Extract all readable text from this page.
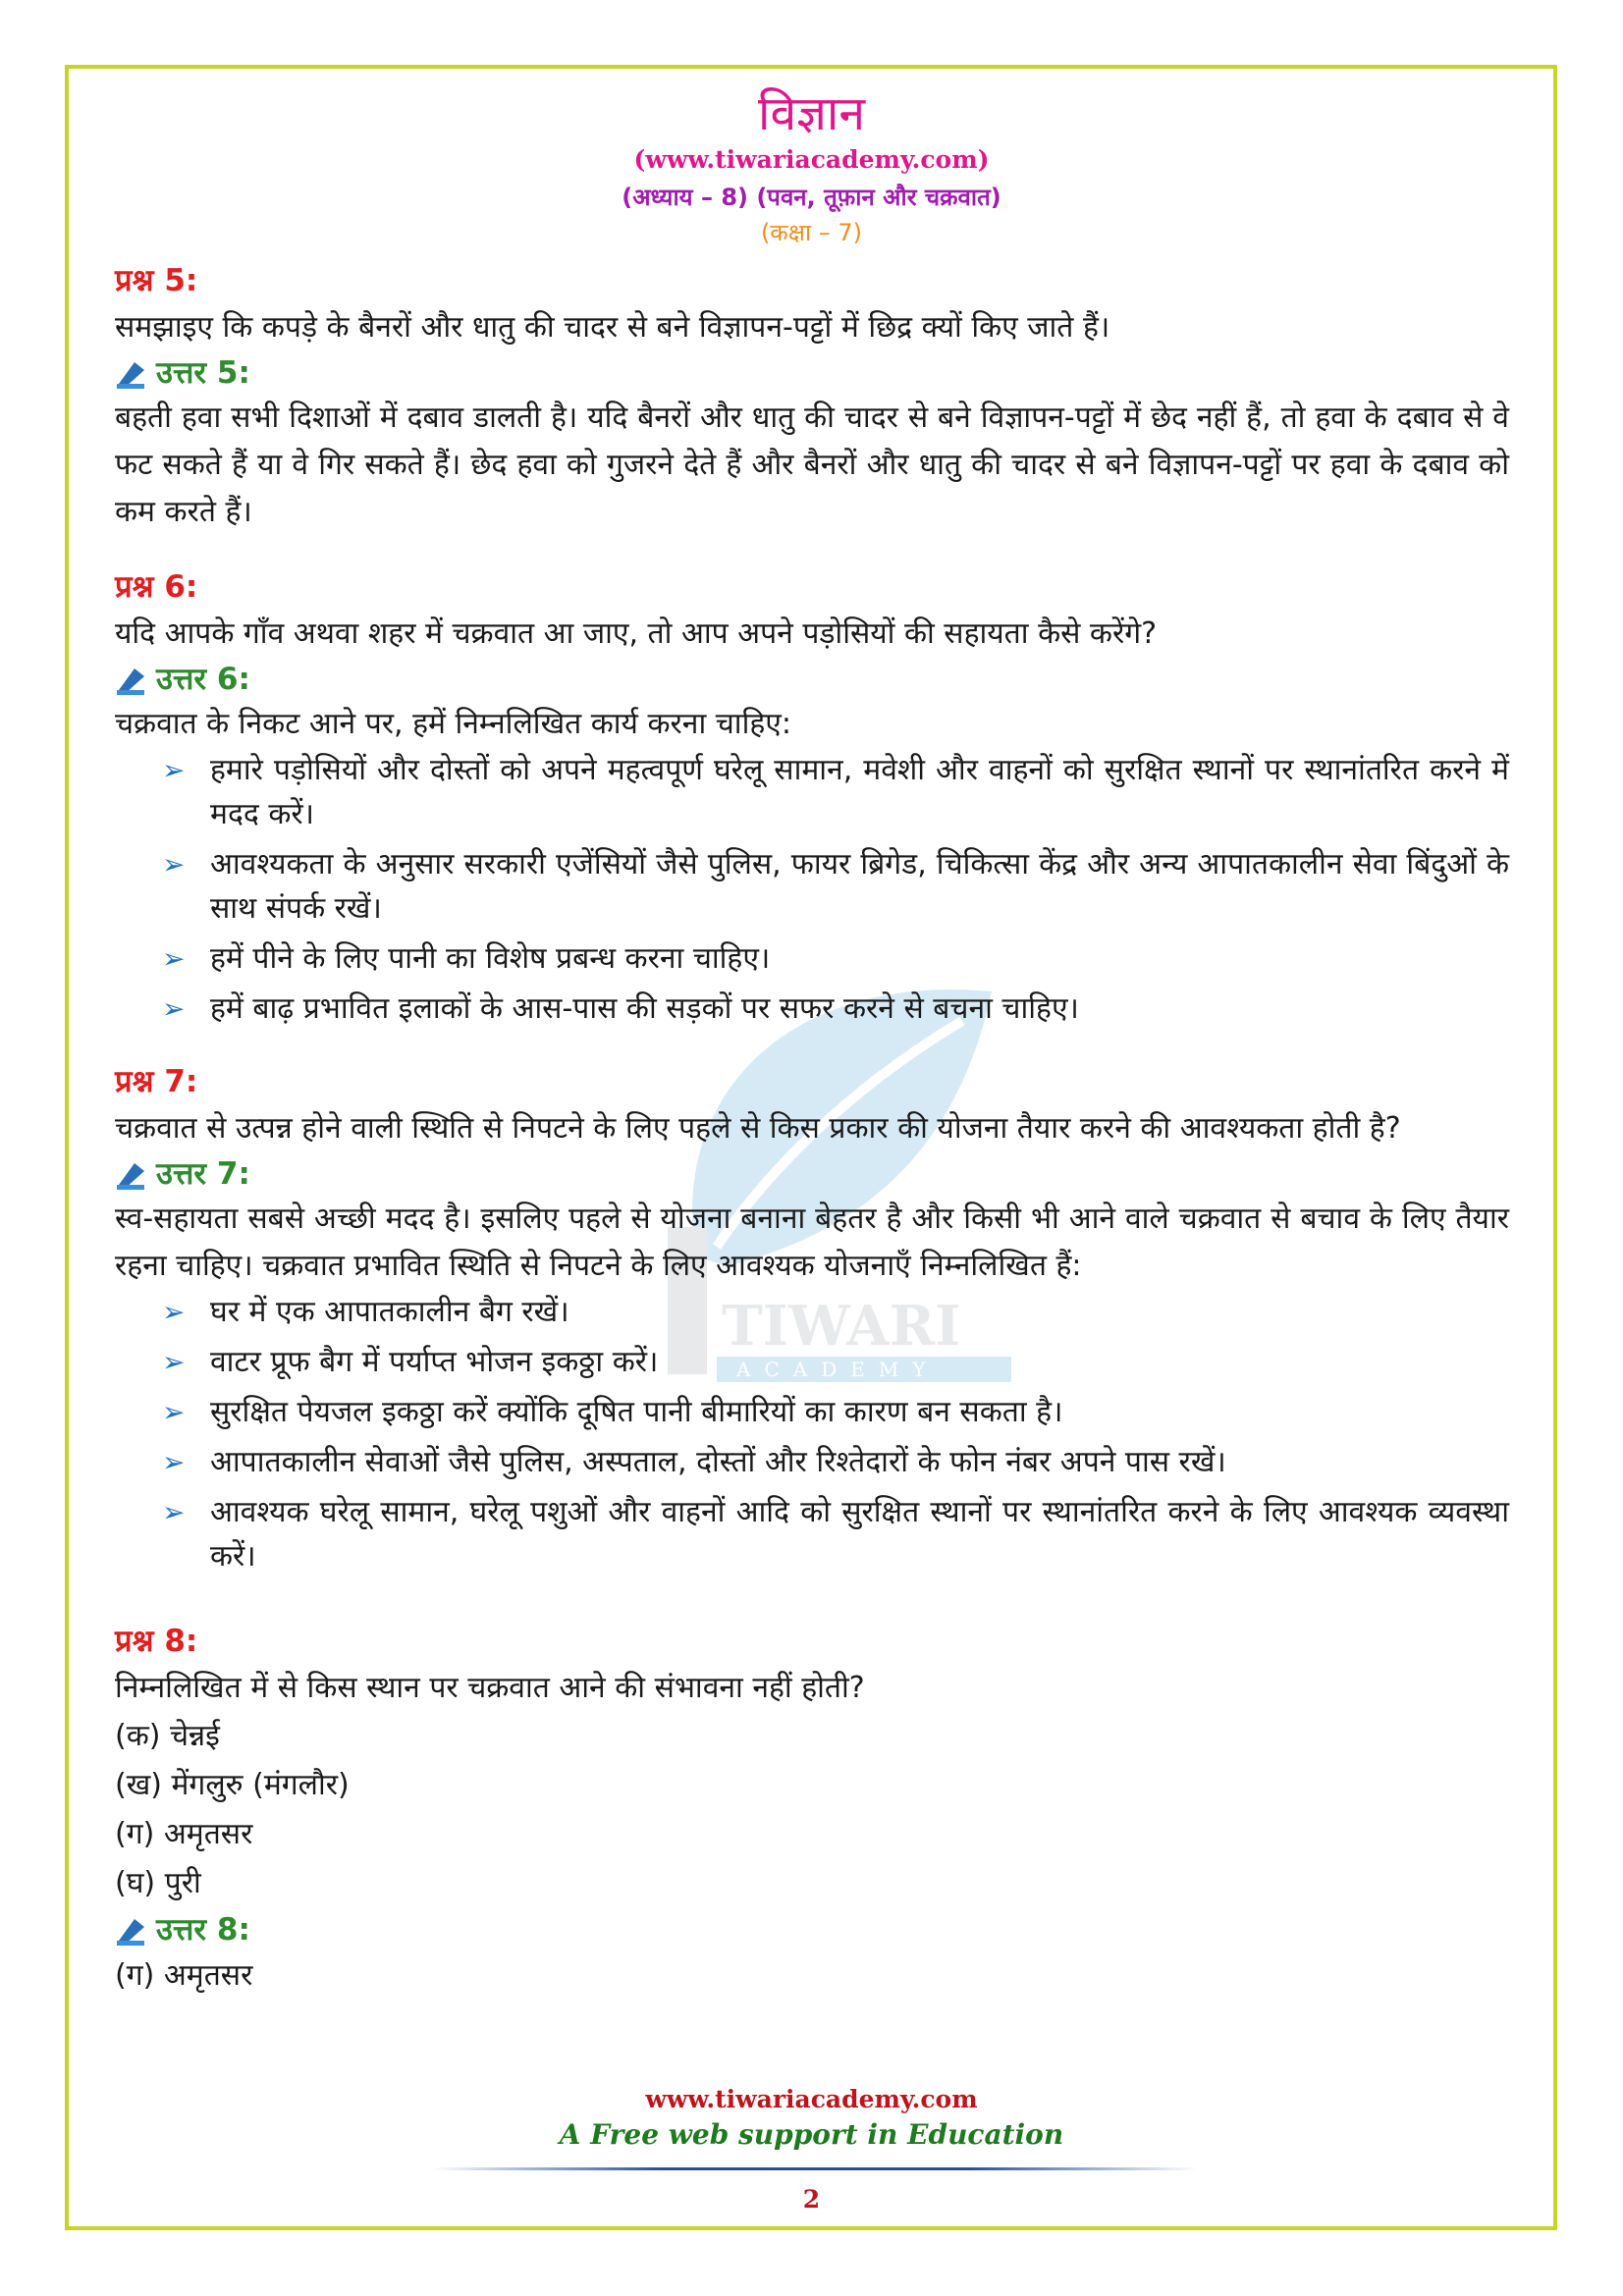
TIWARI
ACADEMY
विज्ञान
(www.tiwariacademy.com)
(अध्याय – 8) (पवन, तूफ़ान और चक्रवात)
(कक्षा – 7)
प्रश्न 5:
समझाइए कि कपड़े के बैनरों और धातु की चादर से बने विज्ञापन-पट्टों में छिद्र क्यों किए जाते हैं।
उत्तर 5:
बहती हवा सभी दिशाओं में दबाव डालती है। यदि बैनरों और धातु की चादर से बने विज्ञापन-पट्टों में छेद नहीं हैं, तो हवा के दबाव से वे फट सकते हैं या वे गिर सकते हैं। छेद हवा को गुजरने देते हैं और बैनरों और धातु की चादर से बने विज्ञापन-पट्टों पर हवा के दबाव को कम करते हैं।
प्रश्न 6:
यदि आपके गाँव अथवा शहर में चक्रवात आ जाए, तो आप अपने पड़ोसियों की सहायता कैसे करेंगे?
उत्तर 6:
चक्रवात के निकट आने पर, हमें निम्नलिखित कार्य करना चाहिए:
➢ हमारे पड़ोसियों और दोस्तों को अपने महत्वपूर्ण घरेलू सामान, मवेशी और वाहनों को सुरक्षित स्थानों पर स्थानांतरित करने में मदद करें।
➢ आवश्यकता के अनुसार सरकारी एजेंसियों जैसे पुलिस, फायर ब्रिगेड, चिकित्सा केंद्र और अन्य आपातकालीन सेवा बिंदुओं के साथ संपर्क रखें।
➢ हमें पीने के लिए पानी का विशेष प्रबन्ध करना चाहिए।
➢ हमें बाढ़ प्रभावित इलाकों के आस-पास की सड़कों पर सफर करने से बचना चाहिए।
प्रश्न 7:
चक्रवात से उत्पन्न होने वाली स्थिति से निपटने के लिए पहले से किस प्रकार की योजना तैयार करने की आवश्यकता होती है?
उत्तर 7:
स्व-सहायता सबसे अच्छी मदद है। इसलिए पहले से योजना बनाना बेहतर है और किसी भी आने वाले चक्रवात से बचाव के लिए तैयार रहना चाहिए। चक्रवात प्रभावित स्थिति से निपटने के लिए आवश्यक योजनाएँ निम्नलिखित हैं:
➢ घर में एक आपातकालीन बैग रखें।
➢ वाटर प्रूफ बैग में पर्याप्त भोजन इकठ्ठा करें।
➢ सुरक्षित पेयजल इकठ्ठा करें क्योंकि दूषित पानी बीमारियों का कारण बन सकता है।
➢ आपातकालीन सेवाओं जैसे पुलिस, अस्पताल, दोस्तों और रिश्तेदारों के फोन नंबर अपने पास रखें।
➢ आवश्यक घरेलू सामान, घरेलू पशुओं और वाहनों आदि को सुरक्षित स्थानों पर स्थानांतरित करने के लिए आवश्यक व्यवस्था करें।
प्रश्न 8:
निम्नलिखित में से किस स्थान पर चक्रवात आने की संभावना नहीं होती?
(क) चेन्नई
(ख) मेंगलुरु (मंगलौर)
(ग) अमृतसर
(घ) पुरी
उत्तर 8:
(ग) अमृतसर
www.tiwariacademy.com
A Free web support in Education
2
